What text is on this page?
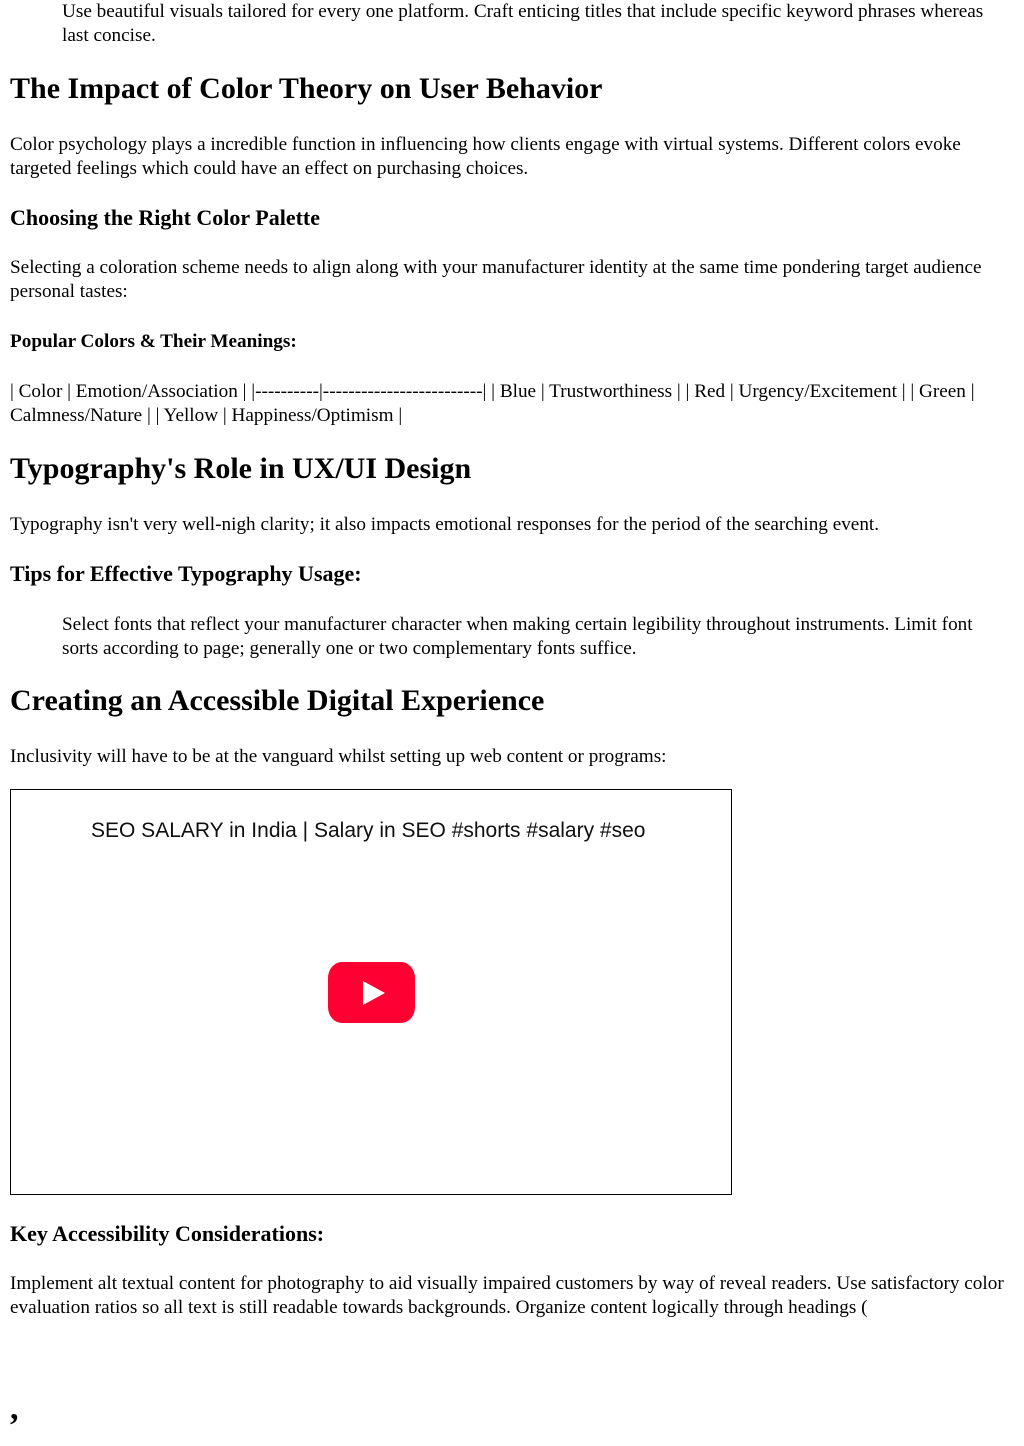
Use beautiful visuals tailored for every one platform. Craft enticing titles that include specific keyword phrases whereas last concise.

The Impact of Color Theory on User Behavior

Color psychology plays a incredible function in influencing how clients engage with virtual systems. Different colors evoke targeted feelings which could have an effect on purchasing choices.

Choosing the Right Color Palette

Selecting a coloration scheme needs to align along with your manufacturer identity at the same time pondering target audience personal tastes:

Popular Colors & Their Meanings:

| Color | Emotion/Association | |----------|-------------------------| | Blue | Trustworthiness | | Red | Urgency/Excitement | | Green | Calmness/Nature | | Yellow | Happiness/Optimism |

Typography's Role in UX/UI Design

Typography isn't very well-nigh clarity; it also impacts emotional responses for the period of the searching event.

Tips for Effective Typography Usage:

Select fonts that reflect your manufacturer character when making certain legibility throughout instruments. Limit font sorts according to page; generally one or two complementary fonts suffice.

Creating an Accessible Digital Experience

Inclusivity will have to be at the vanguard whilst setting up web content or programs:

SEO SALARY in India | Salary in SEO #shorts #salary #seo
Key Accessibility Considerations:

Implement alt textual content for photography to aid visually impaired customers by way of reveal readers. Use satisfactory color evaluation ratios so all text is still readable towards backgrounds. Organize content logically through headings (

,
